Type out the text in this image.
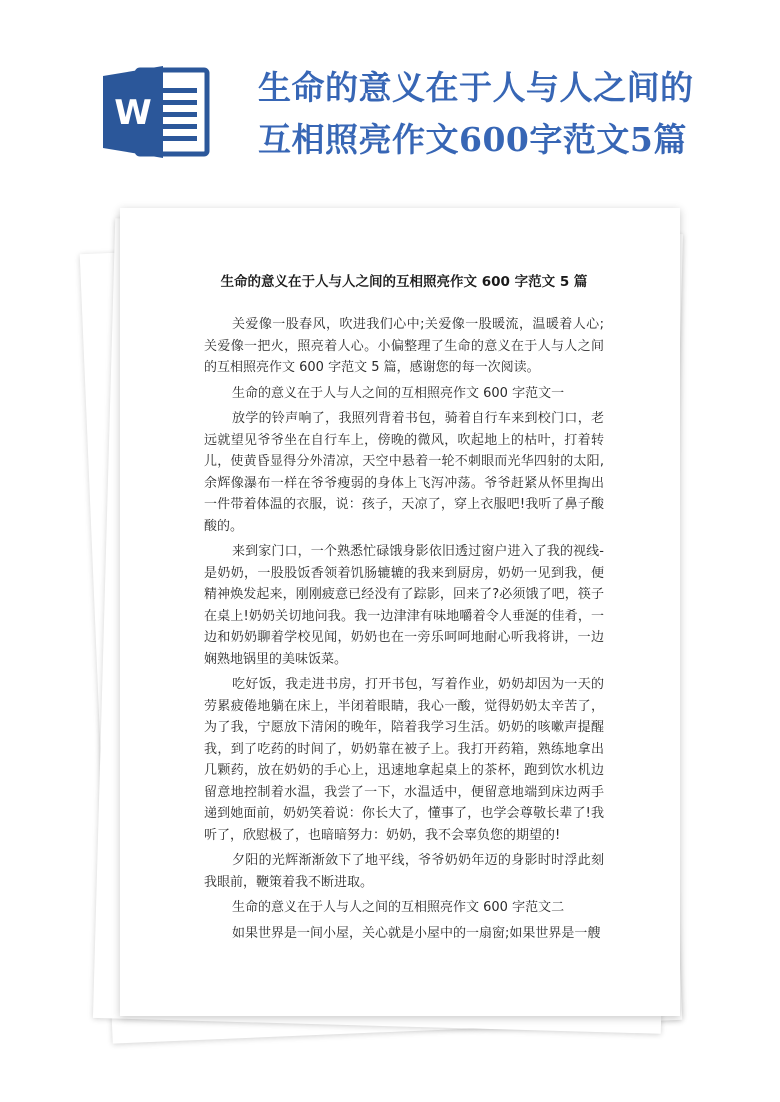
W
生命的意义在于人与人之间的
互相照亮作文600字范文5篇
生命的意义在于人与人之间的互相照亮作文 600 字范文 5 篇

关爱像一股春风，吹进我们心中;关爱像一股暖流，温暖着人心;关爱像一把火，照亮着人心。小偏整理了生命的意义在于人与人之间的互相照亮作文 600 字范文 5 篇，感谢您的每一次阅读。

生命的意义在于人与人之间的互相照亮作文 600 字范文一

放学的铃声响了，我照列背着书包，骑着自行车来到校门口，老远就望见爷爷坐在自行车上，傍晚的微风，吹起地上的枯叶，打着转儿，使黄昏显得分外清凉，天空中悬着一轮不刺眼而光华四射的太阳,余辉像瀑布一样在爷爷瘦弱的身体上飞泻冲荡。爷爷赶紧从怀里掏出一件带着体温的衣服，说：孩子，天凉了，穿上衣服吧!我听了鼻子酸酸的。

来到家门口，一个熟悉忙碌饿身影依旧透过窗户进入了我的视线-是奶奶，一股股饭香领着饥肠辘辘的我来到厨房，奶奶一见到我，便精神焕发起来，刚刚疲意已经没有了踪影，回来了?必须饿了吧，筷子在桌上!奶奶关切地问我。我一边津津有味地嚼着令人垂涎的佳肴，一边和奶奶聊着学校见闻，奶奶也在一旁乐呵呵地耐心听我将讲，一边娴熟地锅里的美味饭菜。

吃好饭，我走进书房，打开书包，写着作业，奶奶却因为一天的劳累疲倦地躺在床上，半闭着眼睛，我心一酸，觉得奶奶太辛苦了，为了我，宁愿放下清闲的晚年，陪着我学习生活。奶奶的咳嗽声提醒我，到了吃药的时间了，奶奶靠在被子上。我打开药箱，熟练地拿出几颗药，放在奶奶的手心上，迅速地拿起桌上的茶杯，跑到饮水机边留意地控制着水温，我尝了一下，水温适中，便留意地端到床边两手递到她面前，奶奶笑着说：你长大了，懂事了，也学会尊敬长辈了!我听了，欣慰极了，也暗暗努力：奶奶，我不会辜负您的期望的!

夕阳的光辉渐渐敛下了地平线，爷爷奶奶年迈的身影时时浮此刻我眼前，鞭策着我不断进取。

生命的意义在于人与人之间的互相照亮作文 600 字范文二

如果世界是一间小屋，关心就是小屋中的一扇窗;如果世界是一艘
